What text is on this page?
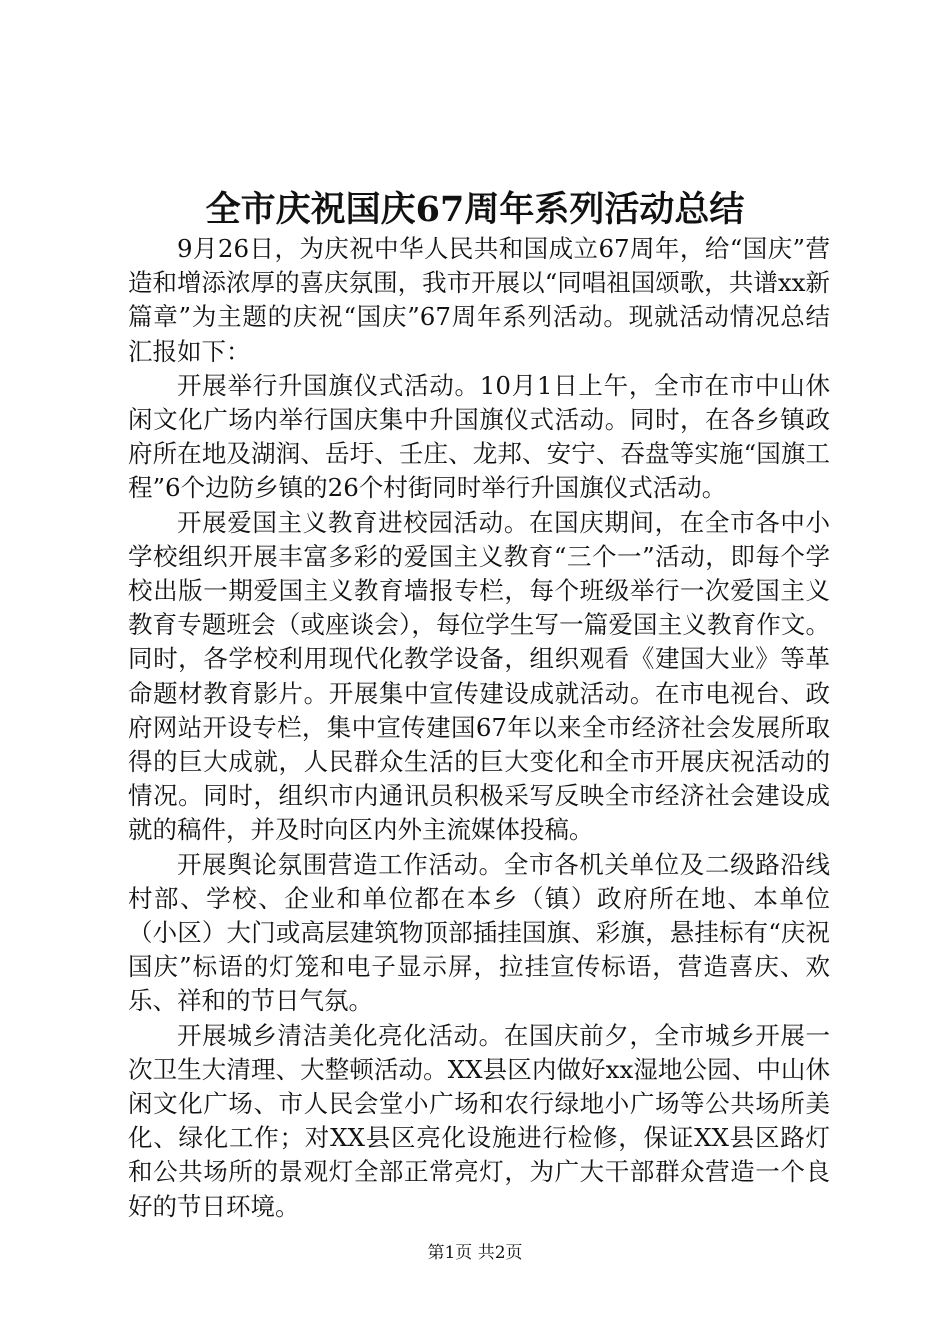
全市庆祝国庆67周年系列活动总结

9月26日，为庆祝中华人民共和国成立67周年，给“国庆”营造和增添浓厚的喜庆氛围，我市开展以“同唱祖国颂歌，共谱xx新篇章”为主题的庆祝“国庆”67周年系列活动。现就活动情况总结汇报如下：

开展举行升国旗仪式活动。10月1日上午，全市在市中山休闲文化广场内举行国庆集中升国旗仪式活动。同时，在各乡镇政府所在地及湖润、岳圩、壬庄、龙邦、安宁、吞盘等实施“国旗工程”6个边防乡镇的26个村街同时举行升国旗仪式活动。

开展爱国主义教育进校园活动。在国庆期间，在全市各中小学校组织开展丰富多彩的爱国主义教育“三个一”活动，即每个学校出版一期爱国主义教育墙报专栏，每个班级举行一次爱国主义教育专题班会（或座谈会），每位学生写一篇爱国主义教育作文。同时，各学校利用现代化教学设备，组织观看《建国大业》等革命题材教育影片。开展集中宣传建设成就活动。在市电视台、政府网站开设专栏，集中宣传建国67年以来全市经济社会发展所取得的巨大成就，人民群众生活的巨大变化和全市开展庆祝活动的情况。同时，组织市内通讯员积极采写反映全市经济社会建设成就的稿件，并及时向区内外主流媒体投稿。

开展舆论氛围营造工作活动。全市各机关单位及二级路沿线村部、学校、企业和单位都在本乡（镇）政府所在地、本单位（小区）大门或高层建筑物顶部插挂国旗、彩旗，悬挂标有“庆祝国庆”标语的灯笼和电子显示屏，拉挂宣传标语，营造喜庆、欢乐、祥和的节日气氛。

开展城乡清洁美化亮化活动。在国庆前夕，全市城乡开展一次卫生大清理、大整顿活动。XX县区内做好xx湿地公园、中山休闲文化广场、市人民会堂小广场和农行绿地小广场等公共场所美化、绿化工作；对XX县区亮化设施进行检修，保证XX县区路灯和公共场所的景观灯全部正常亮灯，为广大干部群众营造一个良好的节日环境。

第1页 共2页
